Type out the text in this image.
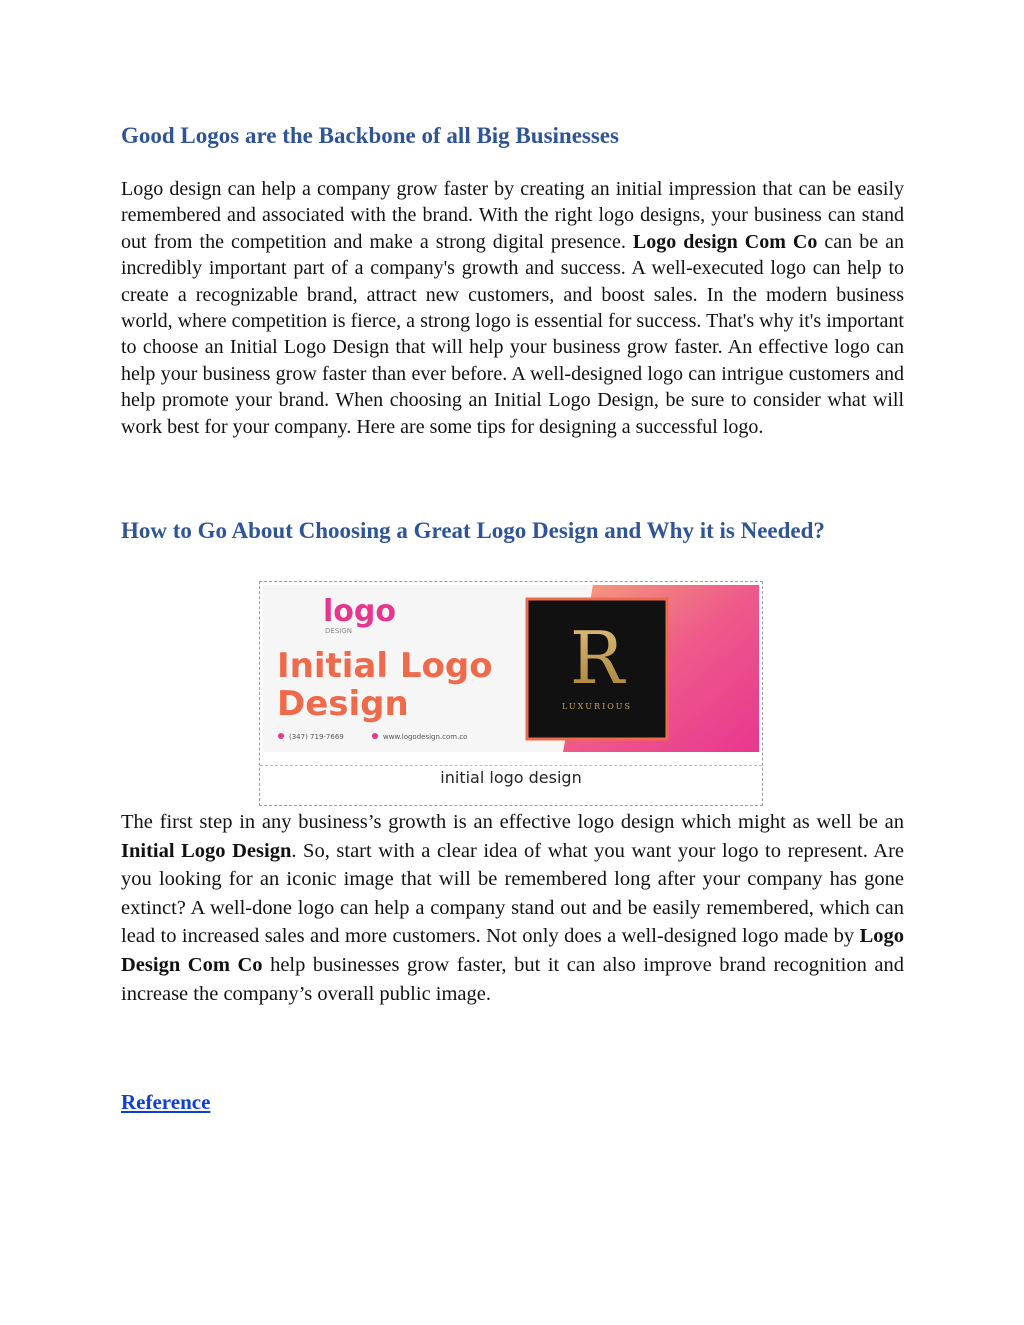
Good Logos are the Backbone of all Big Businesses

Logo design can help a company grow faster by creating an initial impression that can be easily remembered and associated with the brand. With the right logo designs, your business can stand out from the competition and make a strong digital presence. Logo design Com Co can be an incredibly important part of a company's growth and success. A well-executed logo can help to create a recognizable brand, attract new customers, and boost sales. In the modern business world, where competition is fierce, a strong logo is essential for success. That's why it's important to choose an Initial Logo Design that will help your business grow faster. An effective logo can help your business grow faster than ever before. A well-designed logo can intrigue customers and help promote your brand. When choosing an Initial Logo Design, be sure to consider what will work best for your company. Here are some tips for designing a successful logo.

How to Go About Choosing a Great Logo Design and Why it is Needed?
R
LUXURIOUS
logo
DESIGN
Initial Logo
Design
(347) 719-7669	www.logodesign.com.co
initial logo design

The first step in any business’s growth is an effective logo design which might as well be an Initial Logo Design. So, start with a clear idea of what you want your logo to represent. Are you looking for an iconic image that will be remembered long after your company has gone extinct? A well-done logo can help a company stand out and be easily remembered, which can lead to increased sales and more customers. Not only does a well-designed logo made by Logo Design Com Co help businesses grow faster, but it can also improve brand recognition and increase the company’s overall public image.

Reference
